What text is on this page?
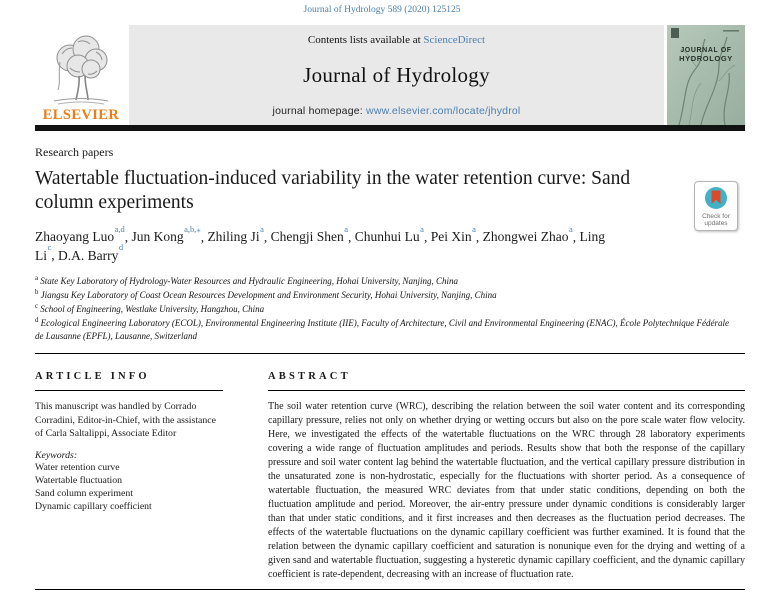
Journal of Hydrology 589 (2020) 125125
ELSEVIER
Contents lists available at ScienceDirect
Journal of Hydrology
journal homepage: www.elsevier.com/locate/jhydrol
JOURNAL OF
HYDROLOGY
Research papers
Watertable fluctuation-induced variability in the water retention curve: Sand column experiments
Check for
updates
Zhaoyang Luo$^{a,d}$, Jun Kong$^{a,b,⁎}$, Zhiling Ji$^a$, Chengji Shen$^a$, Chunhui Lu$^a$, Pei Xin$^a$, Zhongwei Zhao$^a$, Ling Li$^c$, D.A. Barry$^d$
$^a$ State Key Laboratory of Hydrology-Water Resources and Hydraulic Engineering, Hohai University, Nanjing, China
$^b$ Jiangsu Key Laboratory of Coast Ocean Resources Development and Environment Security, Hohai University, Nanjing, China
$^c$ School of Engineering, Westlake University, Hangzhou, China
$^d$ Ecological Engineering Laboratory (ECOL), Environmental Engineering Institute (IIE), Faculty of Architecture, Civil and Environmental Engineering (ENAC), École Polytechnique Fédérale de Lausanne (EPFL), Lausanne, Switzerland
ARTICLE INFO

This manuscript was handled by Corrado Corradini, Editor-in-Chief, with the assistance of Carla Saltalippi, Associate Editor

Keywords:
Water retention curve
Watertable fluctuation
Sand column experiment
Dynamic capillary coefficient
ABSTRACT

The soil water retention curve (WRC), describing the relation between the soil water content and its corresponding capillary pressure, relies not only on whether drying or wetting occurs but also on the pore scale water flow velocity. Here, we investigated the effects of the watertable fluctuations on the WRC through 28 laboratory experiments covering a wide range of fluctuation amplitudes and periods. Results show that both the response of the capillary pressure and soil water content lag behind the watertable fluctuation, and the vertical capillary pressure distribution in the unsaturated zone is non-hydrostatic, especially for the fluctuations with shorter period. As a consequence of watertable fluctuation, the measured WRC deviates from that under static conditions, depending on both the fluctuation amplitude and period. Moreover, the air-entry pressure under dynamic conditions is considerably larger than that under static conditions, and it first increases and then decreases as the fluctuation period decreases. The effects of the watertable fluctuations on the dynamic capillary coefficient was further examined. It is found that the relation between the dynamic capillary coefficient and saturation is nonunique even for the drying and wetting of a given sand and watertable fluctuation, suggesting a hysteretic dynamic capillary coefficient, and the dynamic capillary coefficient is rate-dependent, decreasing with an increase of fluctuation rate.
